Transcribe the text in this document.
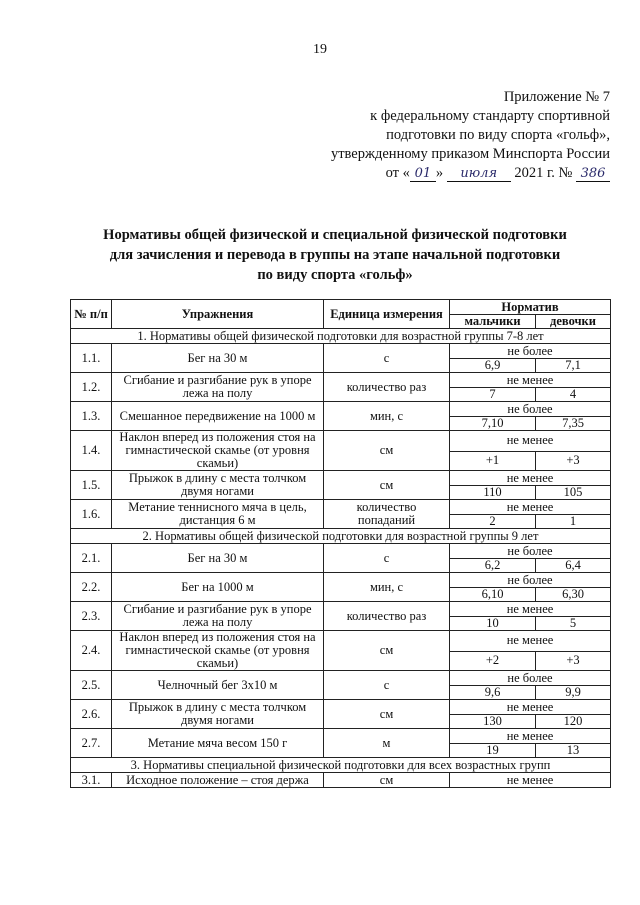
19
Приложение № 7
к федеральному стандарту спортивной
подготовки по виду спорта «гольф»,
утвержденному приказом Минспорта России
от « 01 » июля 2021 г. № 386
Нормативы общей физической и специальной физической подготовки
для зачисления и перевода в группы на этапе начальной подготовки
по виду спорта «гольф»
№ п/п	Упражнения	Единица измерения	Норматив	
			мальчики	девочки
1. Нормативы общей физической подготовки для возрастной группы 7-8 лет				
1.1.	Бег на 30 м	с	не более	
			6,9	7,1
1.2.	Сгибание и разгибание рук в упоре лежа на полу	количество раз	не менее	
			7	4
1.3.	Смешанное передвижение на 1000 м	мин, с	не более	
			7,10	7,35
1.4.	Наклон вперед из положения стоя на гимнастической скамье (от уровня скамьи)	см	не менее	
			+1	+3
1.5.	Прыжок в длину с места толчком двумя ногами	см	не менее	
			110	105
1.6.	Метание теннисного мяча в цель, дистанция 6 м	количество попаданий	не менее	
			2	1
2. Нормативы общей физической подготовки для возрастной группы 9 лет				
2.1.	Бег на 30 м	с	не более	
			6,2	6,4
2.2.	Бег на 1000 м	мин, с	не более	
			6,10	6,30
2.3.	Сгибание и разгибание рук в упоре лежа на полу	количество раз	не менее	
			10	5
2.4.	Наклон вперед из положения стоя на гимнастической скамье (от уровня скамьи)	см	не менее	
			+2	+3
2.5.	Челночный бег 3х10 м	с	не более	
			9,6	9,9
2.6.	Прыжок в длину с места толчком двумя ногами	см	не менее	
			130	120
2.7.	Метание мяча весом 150 г	м	не менее	
			19	13
3. Нормативы специальной физической подготовки для всех возрастных групп				
3.1.	Исходное положение – стоя держа	см	не менее	
